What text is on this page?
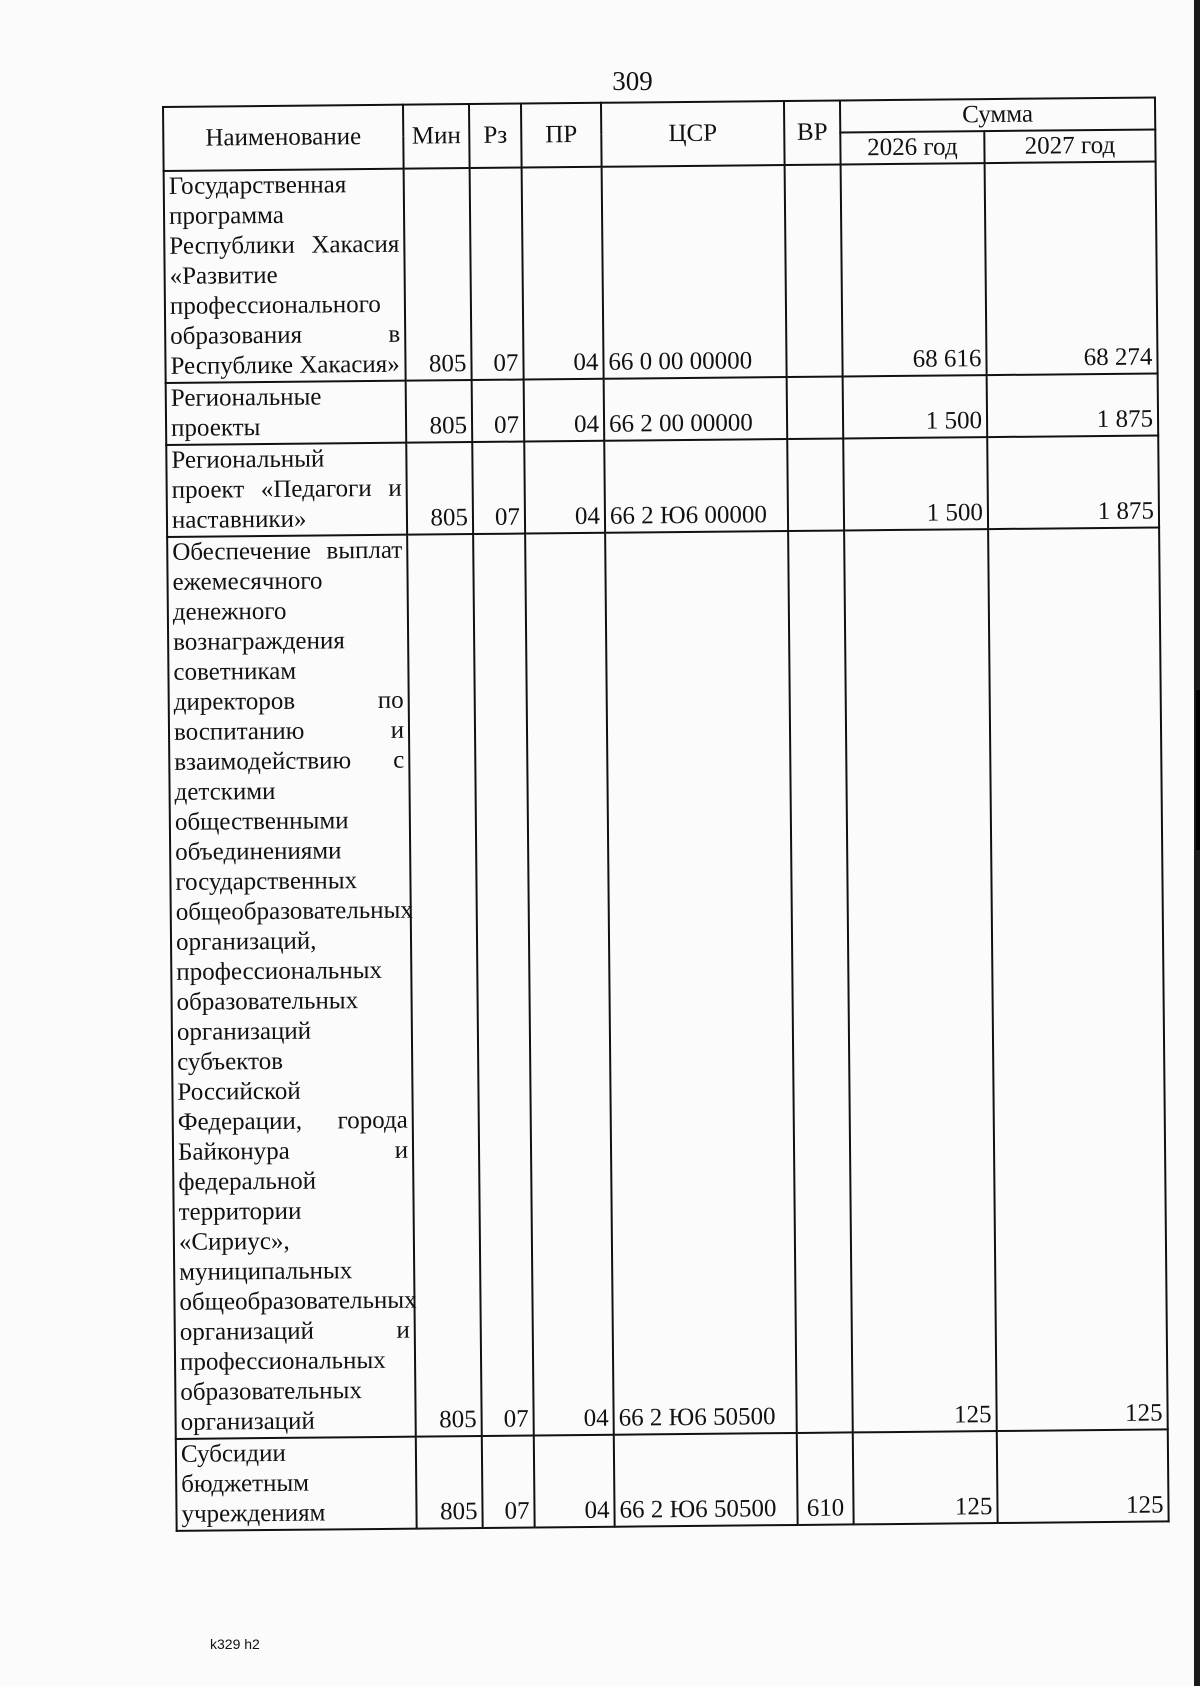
309
Наименование	Мин	Рз	ПР	ЦСР	ВР	Сумма	
						2026 год	2027 год
Государственная программа Республики Хакасия «Развитие профессионального образования в Республике Хакасия»	805	07	04	66 0 00 00000		68 616	68 274
Региональные проекты	805	07	04	66 2 00 00000		1 500	1 875
Региональный проект «Педагоги и наставники»	805	07	04	66 2 Ю6 00000		1 500	1 875
Обеспечение выплат ежемесячного денежного вознаграждения советникам директоров по воспитанию и взаимодействию с детскими общественными объединениями государственных общеобразовательных организаций, профессиональных образовательных организаций субъектов Российской Федерации, города Байконура и федеральной территории «Сириус», муниципальных общеобразовательных организаций и профессиональных образовательных организаций	805	07	04	66 2 Ю6 50500		125	125
Субсидии бюджетным учреждениям	805	07	04	66 2 Ю6 50500	610	125	125
k329 h2
